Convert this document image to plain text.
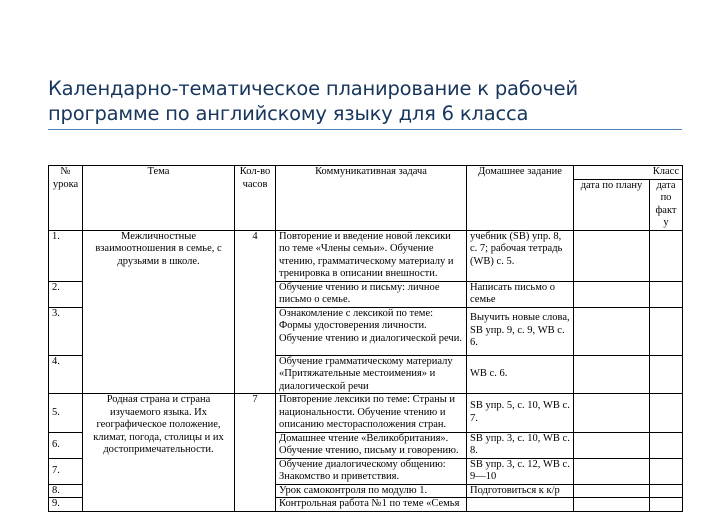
Календарно-тематическое планирование к рабочей
программе по английскому языку для 6 класса
№ урока	Тема	Кол-во часов	Коммуникативная задача	Домашнее задание	Класс	
					дата по плану	дата по факту
1.	Межличностные взаимоотношения в семье, с друзьями в школе.	4	Повторение и введение новой лексики по теме «Члены семьи». Обучение чтению, грамматическому материалу и тренировка в описании внешности.	учебник (SB) упр. 8, с. 7; рабочая тетрадь (WB) с. 5.		
2.			Обучение чтению и письму: личное письмо о семье.	Написать письмо о семье		
3.			Ознакомление с лексикой по теме: Формы удостоверения личности. Обучение чтению и диалогической речи.	Выучить новые слова, SB упр. 9, с. 9, WB с. 6.		
4.			Обучение грамматическому материалу «Притяжательные местоимения» и диалогической речи	WB с. 6.		
5.	Родная страна и страна изучаемого языка. Их географическое положение, климат, погода, столицы и их достопримечательности.	7	Повторение лексики по теме: Страны и национальности. Обучение чтению и описанию месторасположения стран.	SB упр. 5, с. 10, WB с. 7.		
6.			Домашнее чтение «Великобритания». Обучение чтению, письму и говорению.	SB упр. 3, с. 10, WB с. 8.		
7.			Обучение диалогическому общению: Знакомство и приветствия.	SB упр. 3, с. 12, WB с. 9—10		
8.			Урок самоконтроля по модулю 1.	Подготовиться к к/р		
9.			Контрольная работа №1 по теме «Семья			
